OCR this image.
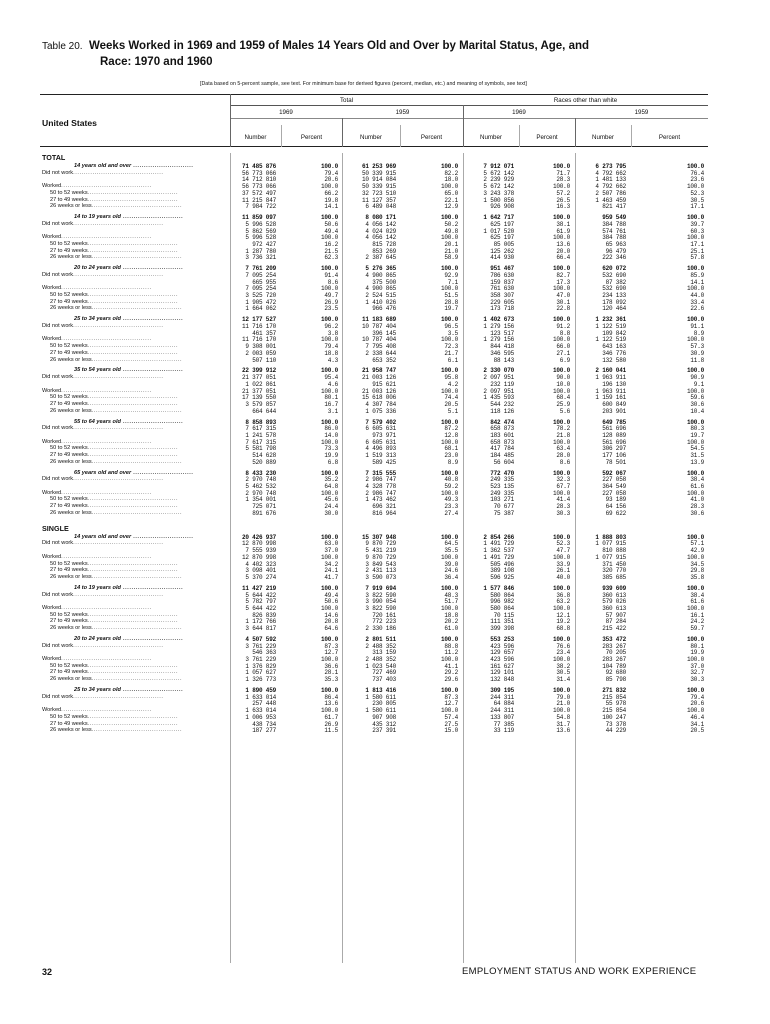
Table 20. Weeks Worked in 1969 and 1959 of Males 14 Years Old and Over by Marital Status, Age, and
Race: 1970 and 1960
[Data based on 5-percent sample, see text. For minimum base for derived figures (percent, median, etc.) and meaning of symbols, see text]
United States
Total	Races other than white
1969	1959	1969	1959
Number	Percent	Number	Percent	Number	Percent	Number	Percent
TOTAL
14 years old and over ............................	71 485 876	100.0	61 253 969	100.0	7 912 071	100.0	6 273 795	100.0
Did not work..........................................	56 773 066	79.4	50 339 915	82.2	5 672 142	71.7	4 792 662	76.4
14 712 810	20.6	10 914 084	18.0	2 239 929	28.3	1 481 133	23.6
Worked..........................................	56 773 066	100.0	50 339 915	100.0	5 672 142	100.0	4 792 662	100.0
50 to 52 weeks..........................................	37 572 497	66.2	32 723 510	65.0	3 243 378	57.2	2 507 786	52.3
27 to 49 weeks..........................................	11 215 847	19.8	11 127 357	22.1	1 500 856	26.5	1 463 459	30.5
26 weeks or less..........................................	7 984 722	14.1	6 489 048	12.9	926 908	16.3	821 417	17.1
14 to 19 years old ............................	11 859 097	100.0	8 080 171	100.0	1 642 717	100.0	959 549	100.0
Did not work..........................................	5 996 528	50.6	4 056 142	50.2	625 197	38.1	384 788	39.7
5 862 569	49.4	4 024 029	49.8	1 017 520	61.9	574 761	60.3
Worked..........................................	5 996 528	100.0	4 056 142	100.0	625 197	100.0	384 788	100.0
50 to 52 weeks..........................................	972 427	16.2	815 728	20.1	85 005	13.6	65 963	17.1
27 to 49 weeks..........................................	1 287 780	21.5	853 269	21.0	125 262	20.0	96 479	25.1
26 weeks or less..........................................	3 736 321	62.3	2 387 645	58.9	414 930	66.4	222 346	57.8
20 to 24 years old ............................	7 761 209	100.0	5 276 365	100.0	951 467	100.0	620 072	100.0
Did not work..........................................	7 095 254	91.4	4 900 865	92.9	786 630	82.7	532 690	85.9
665 955	8.6	375 500	7.1	159 837	17.3	87 382	14.1
Worked..........................................	7 095 254	100.0	4 900 865	100.0	761 630	100.0	532 690	100.0
50 to 52 weeks..........................................	3 525 720	49.7	2 524 515	51.5	358 307	47.0	234 133	44.0
27 to 49 weeks..........................................	1 905 472	26.9	1 410 026	28.8	229 605	30.1	178 092	33.4
26 weeks or less..........................................	1 664 062	23.5	966 476	19.7	173 718	22.8	120 464	22.6
25 to 34 years old ............................	12 177 527	100.0	11 183 689	100.0	1 402 673	100.0	1 232 361	100.0
Did not work..........................................	11 716 170	96.2	10 787 404	96.5	1 279 156	91.2	1 122 519	91.1
461 357	3.8	396 145	3.5	123 517	8.8	109 842	8.9
Worked..........................................	11 716 170	100.0	10 787 404	100.0	1 279 156	100.0	1 122 519	100.0
50 to 52 weeks..........................................	9 308 001	79.4	7 795 408	72.3	844 418	66.0	643 163	57.3
27 to 49 weeks..........................................	2 003 059	18.8	2 338 644	21.7	346 595	27.1	346 776	30.9
26 weeks or less..........................................	507 110	4.3	653 352	6.1	88 143	6.9	132 580	11.8
35 to 54 years old ............................	22 399 912	100.0	21 958 747	100.0	2 330 070	100.0	2 160 041	100.0
Did not work..........................................	21 377 051	95.4	21 003 126	95.8	2 097 951	90.0	1 963 911	90.9
1 022 861	4.6	915 621	4.2	232 119	10.0	196 130	9.1
Worked..........................................	21 377 051	100.0	21 003 126	100.0	2 097 951	100.0	1 963 911	100.0
50 to 52 weeks..........................................	17 139 550	80.1	15 618 006	74.4	1 435 593	68.4	1 159 161	59.6
27 to 49 weeks..........................................	3 579 857	16.7	4 307 784	20.5	544 232	25.9	600 849	30.6
26 weeks or less..........................................	664 644	3.1	1 075 336	5.1	118 126	5.6	203 901	10.4
55 to 64 years old ............................	8 858 893	100.0	7 579 402	100.0	842 474	100.0	649 785	100.0
Did not work..........................................	7 617 315	86.0	6 605 631	87.2	658 873	78.2	561 696	80.3
1 241 578	14.0	973 971	12.8	183 601	21.8	128 089	19.7
Worked..........................................	7 617 315	100.0	6 605 631	100.0	658 873	100.0	561 696	100.0
50 to 52 weeks..........................................	5 581 798	73.3	4 496 893	68.1	417 784	63.4	306 297	54.5
27 to 49 weeks..........................................	514 628	19.9	1 519 313	23.0	184 485	28.0	177 106	31.5
26 weeks or less..........................................	520 889	6.8	589 425	8.9	56 604	8.6	78 501	13.9
65 years old and over ............................	8 433 230	100.0	7 315 555	100.0	772 470	100.0	592 067	100.0
Did not work..........................................	2 970 748	35.2	2 986 747	40.8	249 335	32.3	227 058	38.4
5 462 532	64.8	4 328 778	59.2	523 135	67.7	364 549	61.6
Worked..........................................	2 970 748	100.0	2 986 747	100.0	249 335	100.0	227 058	100.0
50 to 52 weeks..........................................	1 354 001	45.6	1 473 462	49.3	103 271	41.4	93 189	41.0
27 to 49 weeks..........................................	725 071	24.4	696 321	23.3	70 677	28.3	64 156	28.3
26 weeks or less..........................................	891 676	30.0	816 964	27.4	75 387	30.3	69 622	30.6
SINGLE
14 years old and over ............................	20 426 937	100.0	15 307 948	100.0	2 854 266	100.0	1 888 803	100.0
Did not work..........................................	12 870 998	63.0	9 870 729	64.5	1 491 729	52.3	1 077 915	57.1
7 555 939	37.0	5 431 219	35.5	1 362 537	47.7	810 888	42.9
Worked..........................................	12 870 998	100.0	9 870 729	100.0	1 491 729	100.0	1 077 915	100.0
50 to 52 weeks..........................................	4 402 323	34.2	3 849 543	39.0	505 496	33.9	371 450	34.5
27 to 49 weeks..........................................	3 098 401	24.1	2 431 113	24.6	389 108	26.1	320 770	29.8
26 weeks or less..........................................	5 370 274	41.7	3 590 073	36.4	596 925	40.0	385 685	35.8
14 to 19 years old ............................	11 427 219	100.0	7 919 694	100.0	1 577 846	100.0	939 609	100.0
Did not work..........................................	5 644 422	49.4	3 822 590	48.3	580 864	36.8	360 613	38.4
5 782 797	50.6	3 990 054	51.7	996 982	63.2	579 026	61.6
Worked..........................................	5 644 422	100.0	3 822 590	100.0	580 864	100.0	360 613	100.0
50 to 52 weeks..........................................	826 839	14.6	720 161	18.8	70 115	12.1	57 907	16.1
27 to 49 weeks..........................................	1 172 766	20.8	772 223	20.2	111 351	19.2	87 284	24.2
26 weeks or less..........................................	3 644 817	64.6	2 330 186	61.0	399 398	68.8	215 422	59.7
20 to 24 years old ............................	4 507 592	100.0	2 801 511	100.0	553 253	100.0	353 472	100.0
Did not work..........................................	3 761 229	87.3	2 488 352	88.8	423 596	76.6	283 267	80.1
546 363	12.7	313 159	11.2	129 657	23.4	70 205	19.9
Worked..........................................	3 761 229	100.0	2 488 352	100.0	423 596	100.0	283 267	100.0
50 to 52 weeks..........................................	1 376 829	36.6	1 023 540	41.1	161 627	38.2	104 789	37.0
27 to 49 weeks..........................................	1 057 627	28.1	727 469	29.2	129 101	30.5	92 680	32.7
26 weeks or less..........................................	1 326 773	35.3	737 403	29.6	132 848	31.4	85 798	30.3
25 to 34 years old ............................	1 890 459	100.0	1 813 416	100.0	309 195	100.0	271 832	100.0
Did not work..........................................	1 633 014	86.4	1 580 611	87.3	244 311	79.0	215 854	79.4
257 448	13.6	230 805	12.7	64 884	21.0	55 978	20.6
Worked..........................................	1 633 014	100.0	1 580 611	100.0	244 311	100.0	215 854	100.0
50 to 52 weeks..........................................	1 006 953	61.7	907 908	57.4	133 807	54.8	100 247	46.4
27 to 49 weeks..........................................	438 734	26.9	435 312	27.5	77 385	31.7	73 378	34.1
26 weeks or less..........................................	187 277	11.5	237 391	15.0	33 119	13.6	44 229	20.5
32	EMPLOYMENT STATUS AND WORK EXPERIENCE
